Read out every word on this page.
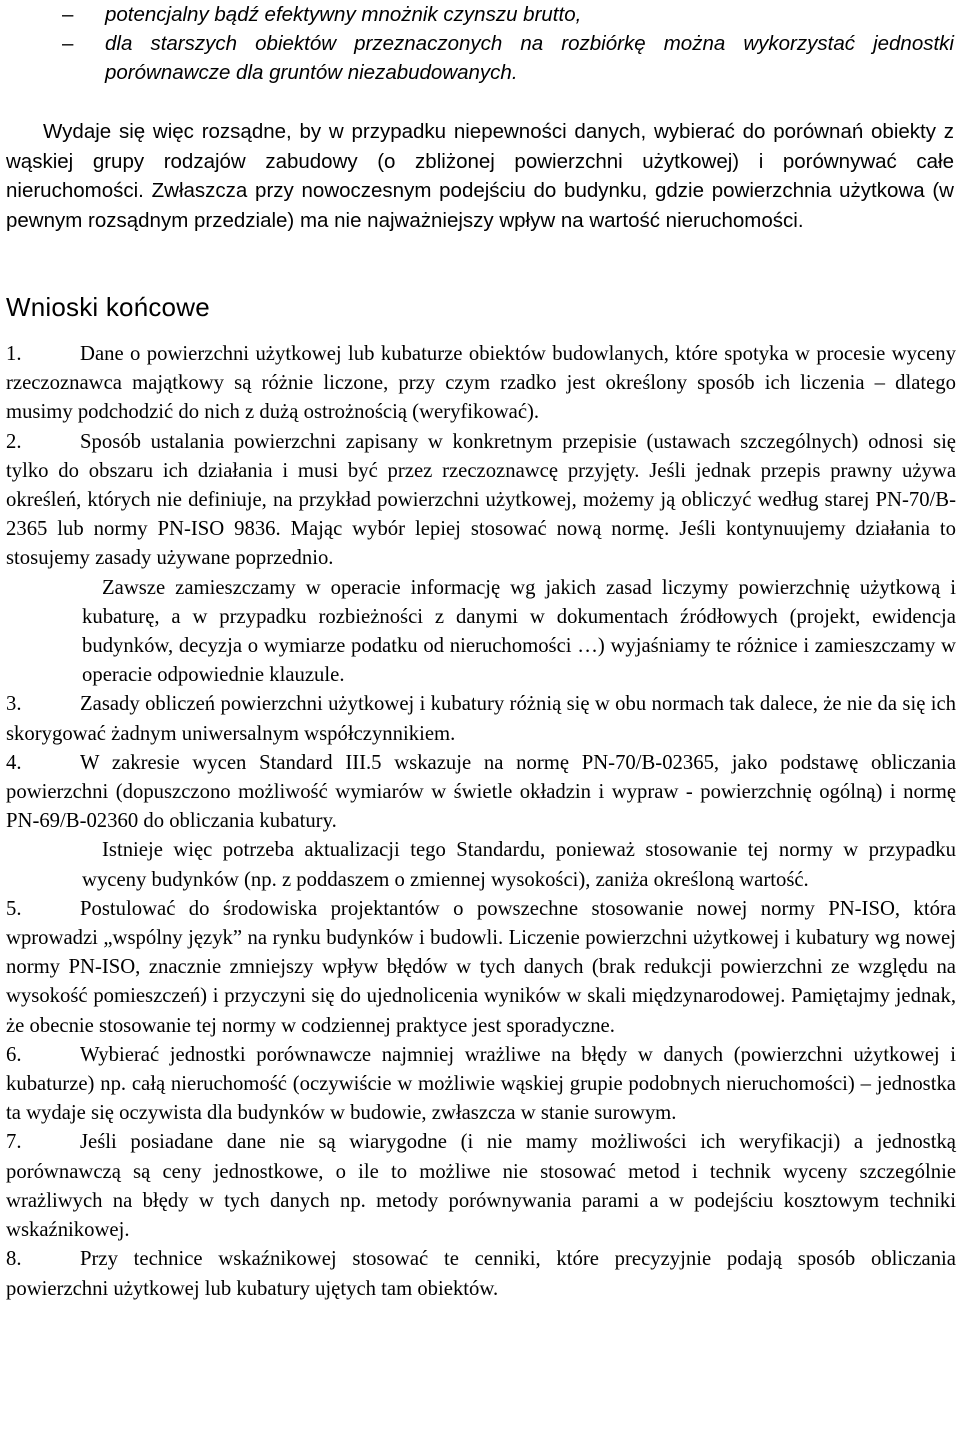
– potencjalny bądź efektywny mnożnik czynszu brutto,
– dla starszych obiektów przeznaczonych na rozbiórkę można wykorzystać jednostki porównawcze dla gruntów niezabudowanych.
Wydaje się więc rozsądne, by w przypadku niepewności danych, wybierać do porównań obiekty z wąskiej grupy rodzajów zabudowy (o zbliżonej powierzchni użytkowej) i porównywać całe nieruchomości. Zwłaszcza przy nowoczesnym podejściu do budynku, gdzie powierzchnia użytkowa (w pewnym rozsądnym przedziale) ma nie najważniejszy wpływ na wartość nieruchomości.
Wnioski końcowe

1.	Dane o powierzchni użytkowej lub kubaturze obiektów budowlanych, które spotyka w procesie wyceny rzeczoznawca majątkowy są różnie liczone, przy czym rzadko jest określony sposób ich liczenia – dlatego musimy podchodzić do nich z dużą ostrożnością (weryfikować).

2.	Sposób ustalania powierzchni zapisany w konkretnym przepisie (ustawach szczególnych) odnosi się tylko do obszaru ich działania i musi być przez rzeczoznawcę przyjęty. Jeśli jednak przepis prawny używa określeń, których nie definiuje, na przykład powierzchni użytkowej, możemy ją obliczyć według starej PN-70/B-2365 lub normy PN-ISO 9836. Mając wybór lepiej stosować nową normę. Jeśli kontynuujemy działania to stosujemy zasady używane poprzednio.

Zawsze zamieszczamy w operacie informację wg jakich zasad liczymy powierzchnię użytkową i kubaturę, a w przypadku rozbieżności z danymi w dokumentach źródłowych (projekt, ewidencja budynków, decyzja o wymiarze podatku od nieruchomości …) wyjaśniamy te różnice i zamieszczamy w operacie odpowiednie klauzule.

3.	Zasady obliczeń powierzchni użytkowej i kubatury różnią się w obu normach tak dalece, że nie da się ich skorygować żadnym uniwersalnym współczynnikiem.

4.	W zakresie wycen Standard III.5 wskazuje na normę PN-70/B-02365, jako podstawę obliczania powierzchni (dopuszczono możliwość wymiarów w świetle okładzin i wypraw - powierzchnię ogólną) i normę PN-69/B-02360 do obliczania kubatury.

Istnieje więc potrzeba aktualizacji tego Standardu, ponieważ stosowanie tej normy w przypadku wyceny budynków (np. z poddaszem o zmiennej wysokości), zaniża określoną wartość.

5.	Postulować do środowiska projektantów o powszechne stosowanie nowej normy PN-ISO, która wprowadzi „wspólny język” na rynku budynków i budowli. Liczenie powierzchni użytkowej i kubatury wg nowej normy PN-ISO, znacznie zmniejszy wpływ błędów w tych danych (brak redukcji powierzchni ze względu na wysokość pomieszczeń) i przyczyni się do ujednolicenia wyników w skali międzynarodowej. Pamiętajmy jednak, że obecnie stosowanie tej normy w codziennej praktyce jest sporadyczne.

6.	Wybierać jednostki porównawcze najmniej wrażliwe na błędy w danych (powierzchni użytkowej i kubaturze) np. całą nieruchomość (oczywiście w możliwie wąskiej grupie podobnych nieruchomości) – jednostka ta wydaje się oczywista dla budynków w budowie, zwłaszcza w stanie surowym.

7.	Jeśli posiadane dane nie są wiarygodne (i nie mamy możliwości ich weryfikacji) a jednostką porównawczą są ceny jednostkowe, o ile to możliwe nie stosować metod i technik wyceny szczególnie wrażliwych na błędy w tych danych np. metody porównywania parami a w podejściu kosztowym techniki wskaźnikowej.

8.	Przy technice wskaźnikowej stosować te cenniki, które precyzyjnie podają sposób obliczania powierzchni użytkowej lub kubatury ujętych tam obiektów.
